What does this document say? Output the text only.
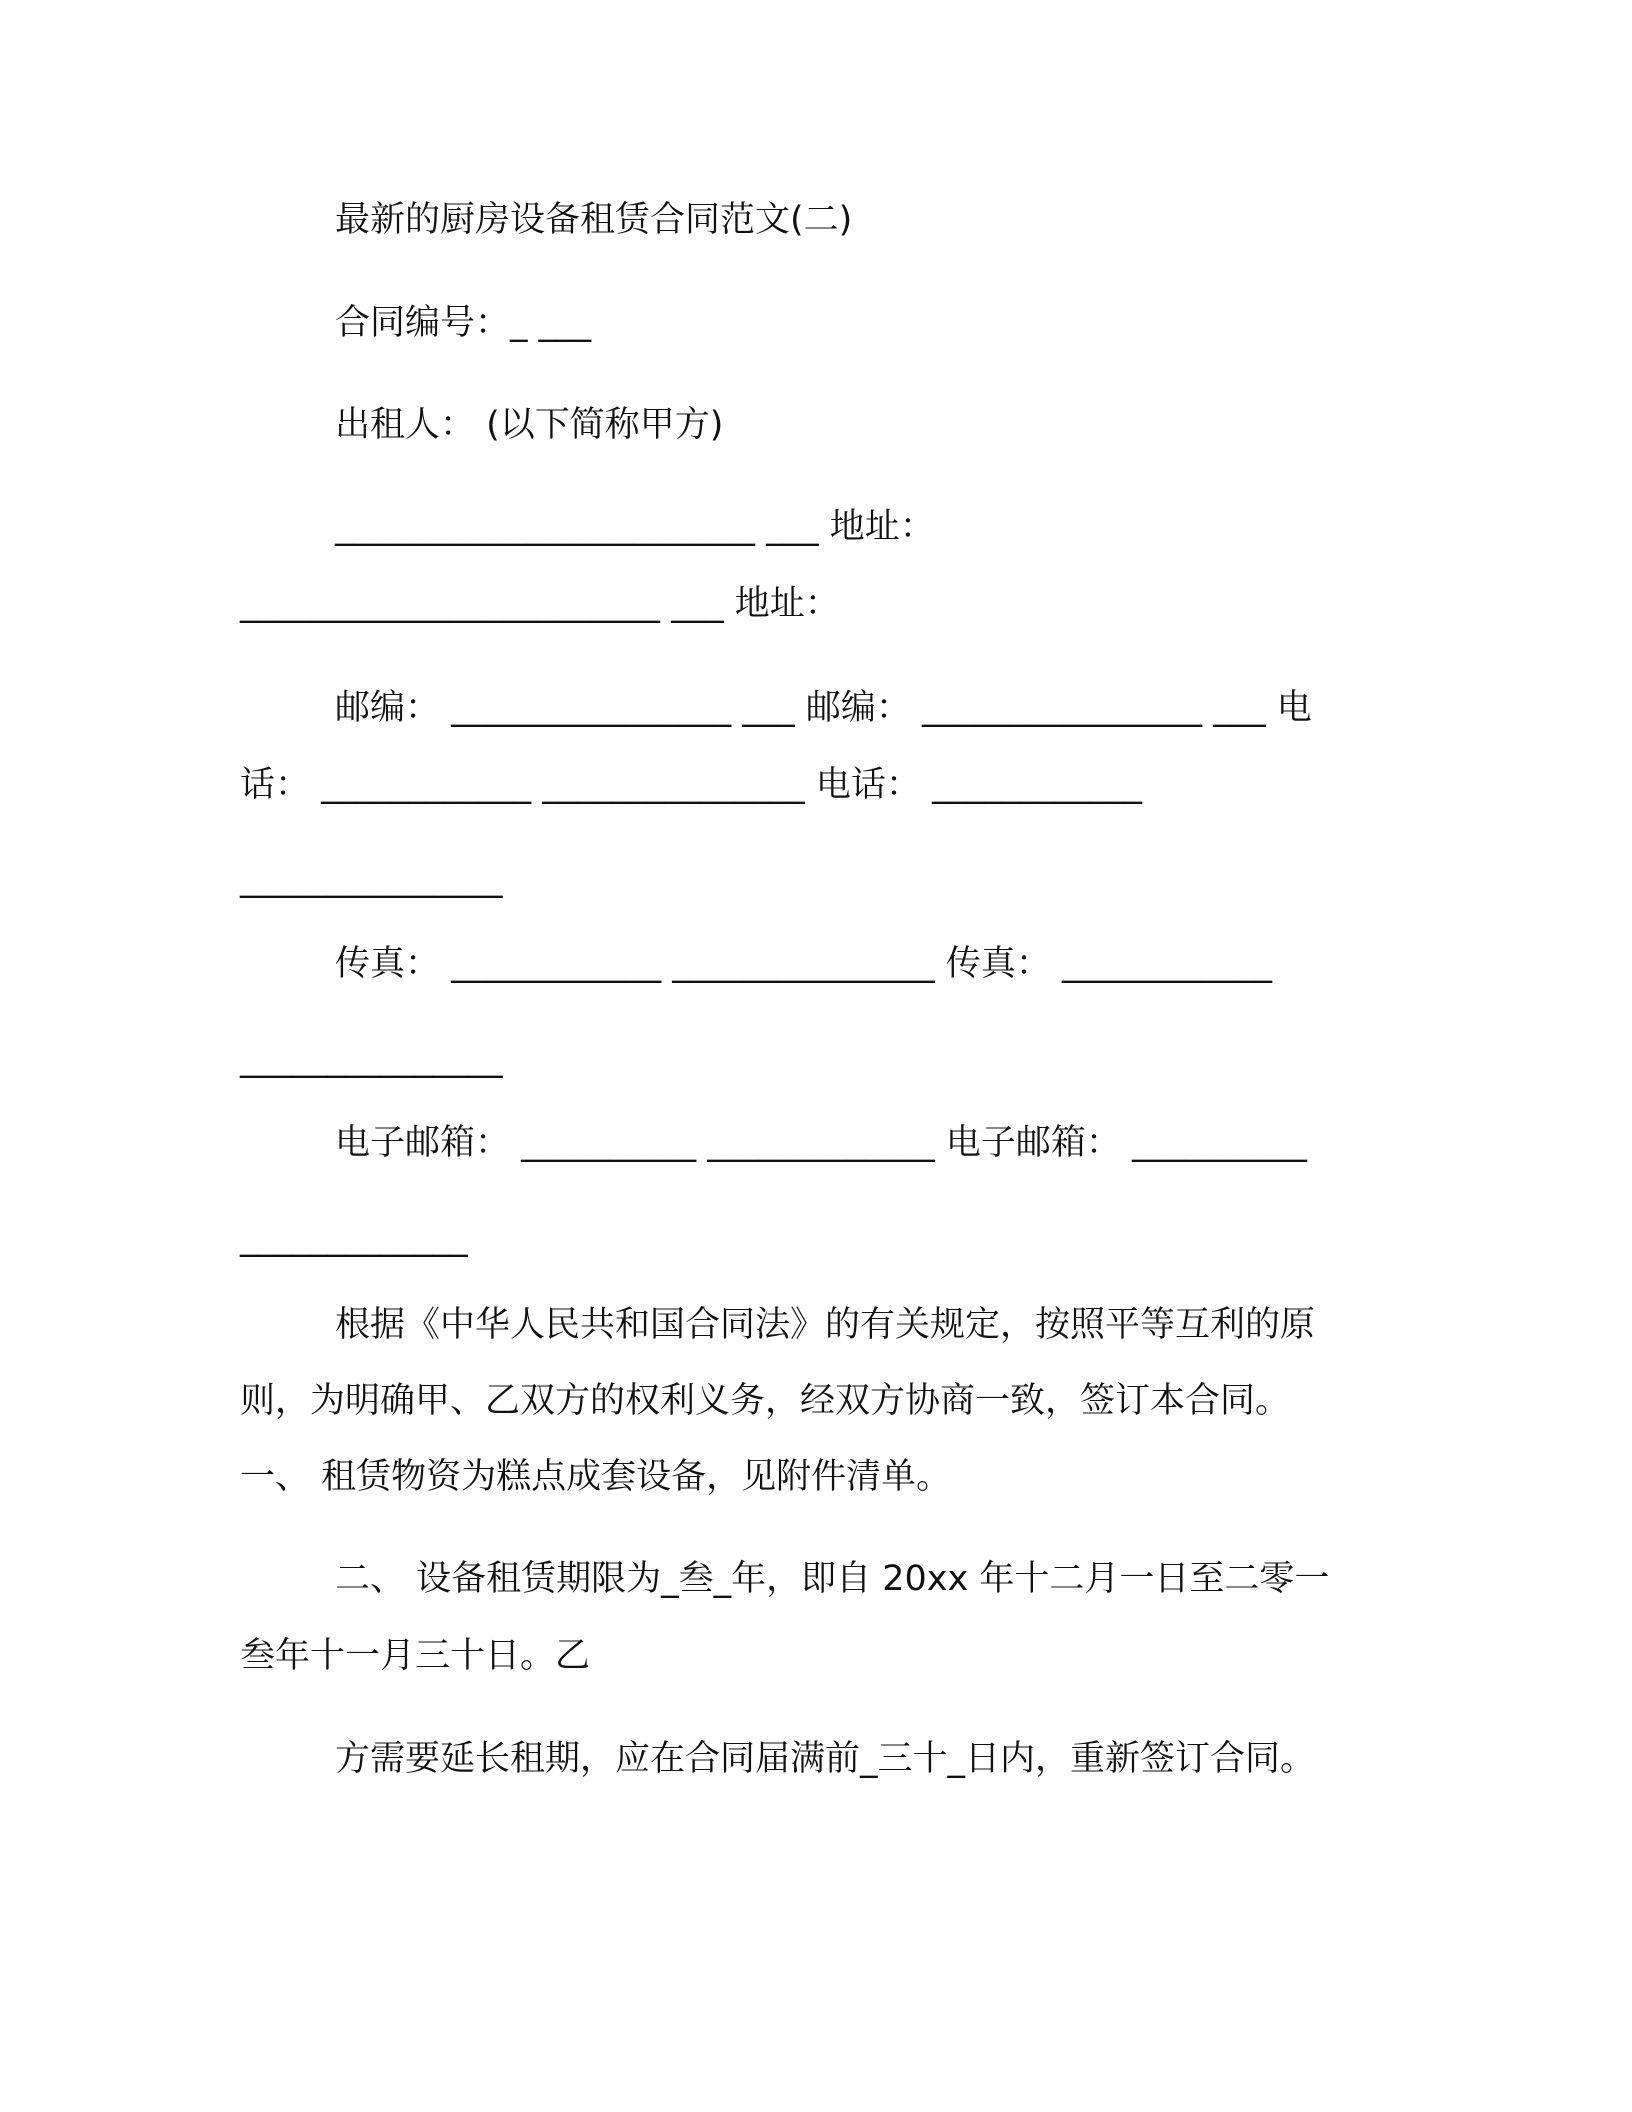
最新的厨房设备租赁合同范文(二)
合同编号：_ ___
出租人： (以下简称甲方)
________________________ ___ 地址：
________________________ ___ 地址：
邮编： ________________ ___ 邮编： ________________ ___ 电
话： ____________ _______________ 电话： ____________
_______________
传真： ____________ _______________ 传真： ____________
_______________
电子邮箱： __________ _____________ 电子邮箱： __________
_____________
根据《中华人民共和国合同法》的有关规定，按照平等互利的原
则，为明确甲、乙双方的权利义务，经双方协商一致，签订本合同。
一、 租赁物资为糕点成套设备，见附件清单。
二、 设备租赁期限为_叁_年，即自 20xx 年十二月一日至二零一
叁年十一月三十日。乙
方需要延长租期，应在合同届满前_三十_日内，重新签订合同。
